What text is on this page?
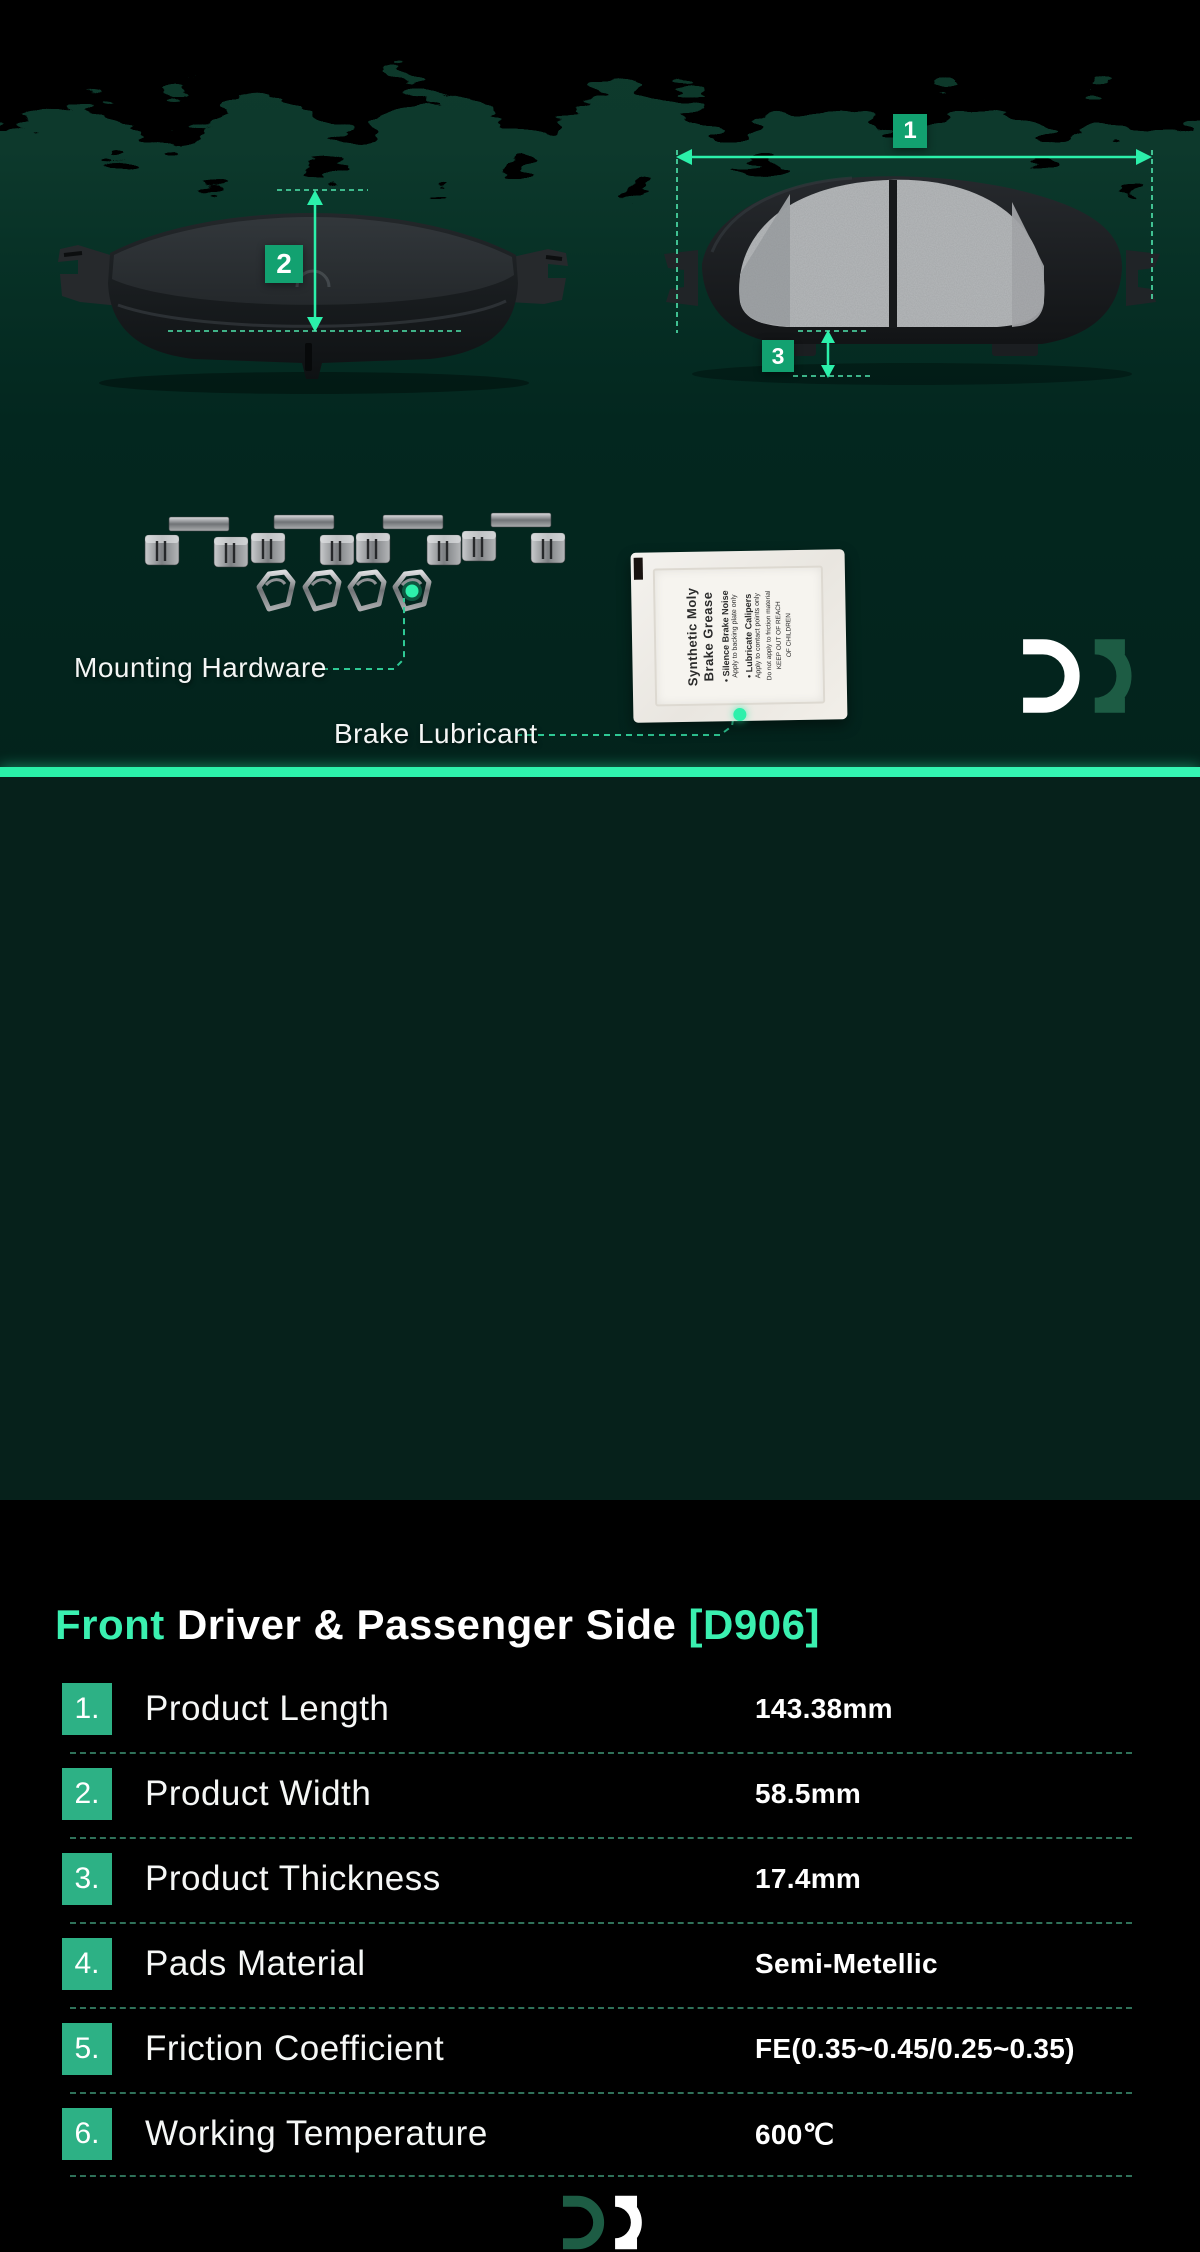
1
2
3
Mounting Hardware
Brake Lubricant
Synthetic Moly Brake Grease • Silence Brake Noise Apply to backing plate only • Lubricate Calipers Apply to contact points only Do not apply to friction material KEEP OUT OF REACH OF CHILDREN
Front Driver & Passenger Side [D906]
1.	Product Length	143.38mm
2.	Product Width	58.5mm
3.	Product Thickness	17.4mm
4.	Pads Material	Semi-Metellic
5.	Friction Coefficient	FE(0.35~0.45/0.25~0.35)
6.	Working Temperature	600℃
